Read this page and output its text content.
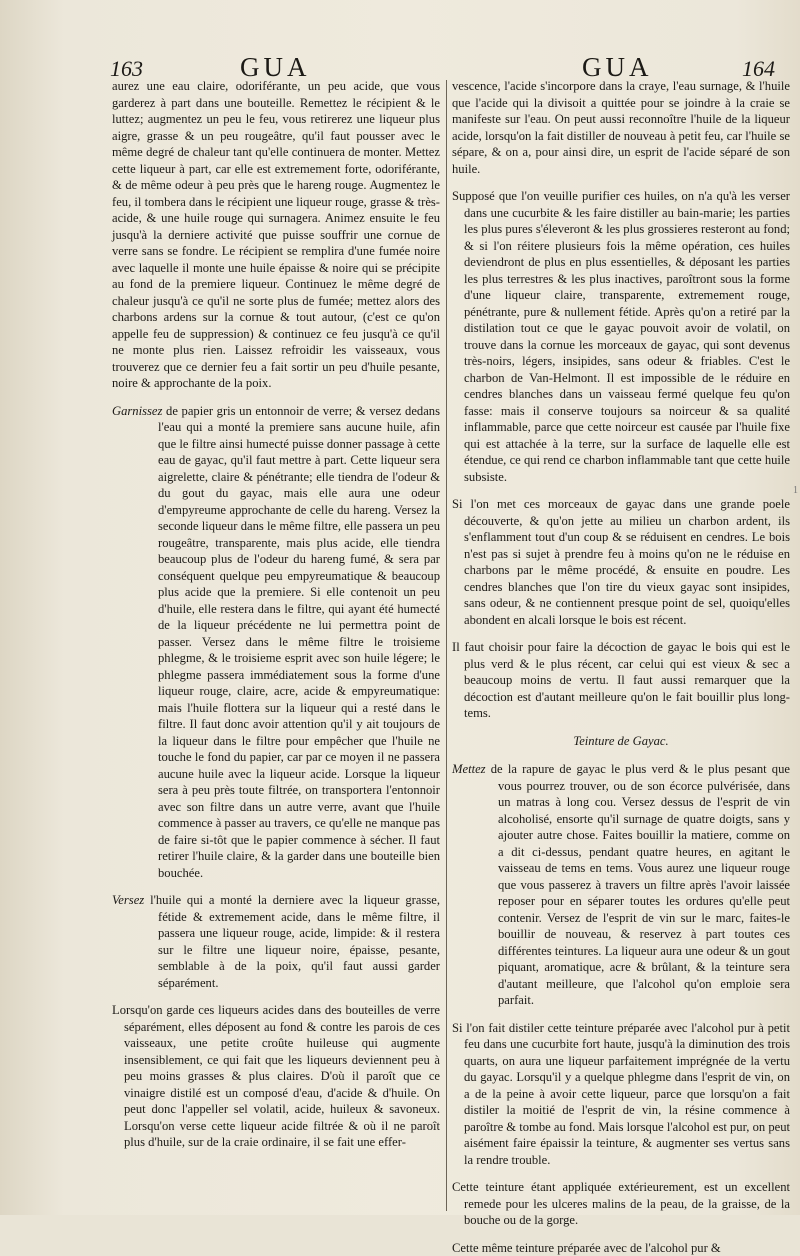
163	GUA	GUA	164
1

aurez une eau claire, odoriférante, un peu acide, que vous garderez à part dans une bouteille. Remettez le récipient & le luttez; augmentez un peu le feu, vous retirerez une liqueur plus aigre, grasse & un peu rougeâtre, qu'il faut pousser avec le même degré de chaleur tant qu'elle continuera de monter. Mettez cette liqueur à part, car elle est extremement forte, odoriférante, & de même odeur à peu près que le hareng rouge. Augmentez le feu, il tombera dans le récipient une liqueur rouge, grasse & très-acide, & une huile rouge qui surnagera. Animez ensuite le feu jusqu'à la derniere activité que puisse souffrir une cornue de verre sans se fondre. Le récipient se remplira d'une fumée noire avec laquelle il monte une huile épaisse & noire qui se précipite au fond de la premiere liqueur. Continuez le même degré de chaleur jusqu'à ce qu'il ne sorte plus de fumée; mettez alors des charbons ardens sur la cornue & tout autour, (c'est ce qu'on appelle feu de suppression) & continuez ce feu jusqu'à ce qu'il ne monte plus rien. Laissez refroidir les vaisseaux, vous trouverez que ce dernier feu a fait sortir un peu d'huile pesante, noire & approchante de la poix.

Garnissez de papier gris un entonnoir de verre; & versez dedans l'eau qui a monté la premiere sans aucune huile, afin que le filtre ainsi humecté puisse donner passage à cette eau de gayac, qu'il faut mettre à part. Cette liqueur sera aigrelette, claire & pénétrante; elle tiendra de l'odeur & du gout du gayac, mais elle aura une odeur d'empyreume approchante de celle du hareng. Versez la seconde liqueur dans le même filtre, elle passera un peu rougeâtre, transparente, mais plus acide, elle tiendra beaucoup plus de l'odeur du hareng fumé, & sera par conséquent quelque peu empyreumatique & beaucoup plus acide que la premiere. Si elle contenoit un peu d'huile, elle restera dans le filtre, qui ayant été humecté de la liqueur précédente ne lui permettra point de passer. Versez dans le même filtre le troisieme phlegme, & le troisieme esprit avec son huile légere; le phlegme passera immédiatement sous la forme d'une liqueur rouge, claire, acre, acide & empyreumatique: mais l'huile flottera sur la liqueur qui a resté dans le filtre. Il faut donc avoir attention qu'il y ait toujours de la liqueur dans le filtre pour empêcher que l'huile ne touche le fond du papier, car par ce moyen il ne passera aucune huile avec la liqueur acide. Lorsque la liqueur sera à peu près toute filtrée, on transportera l'entonnoir avec son filtre dans un autre verre, avant que l'huile commence à passer au travers, ce qu'elle ne manque pas de faire si-tôt que le papier commence à sécher. Il faut retirer l'huile claire, & la garder dans une bouteille bien bouchée.

Versez l'huile qui a monté la derniere avec la liqueur grasse, fétide & extremement acide, dans le même filtre, il passera une liqueur rouge, acide, limpide: & il restera sur le filtre une liqueur noire, épaisse, pesante, semblable à de la poix, qu'il faut aussi garder séparément.

Lorsqu'on garde ces liqueurs acides dans des bouteilles de verre séparément, elles déposent au fond & contre les parois de ces vaisseaux, une petite croûte huileuse qui augmente insensiblement, ce qui fait que les liqueurs deviennent peu à peu moins grasses & plus claires. D'où il paroît que ce vinaigre distilé est un composé d'eau, d'acide & d'huile. On peut donc l'appeller sel volatil, acide, huileux & savoneux. Lorsqu'on verse cette liqueur acide filtrée & où il ne paroît plus d'huile, sur de la craie ordinaire, il se fait une effer-

vescence, l'acide s'incorpore dans la craye, l'eau surnage, & l'huile que l'acide qui la divisoit a quittée pour se joindre à la craie se manifeste sur l'eau. On peut aussi reconnoître l'huile de la liqueur acide, lorsqu'on la fait distiller de nouveau à petit feu, car l'huile se sépare, & on a, pour ainsi dire, un esprit de l'acide séparé de son huile.

Supposé que l'on veuille purifier ces huiles, on n'a qu'à les verser dans une cucurbite & les faire distiller au bain-marie; les parties les plus pures s'éleveront & les plus grossieres resteront au fond; & si l'on réitere plusieurs fois la même opération, ces huiles deviendront de plus en plus essentielles, & déposant les parties les plus terrestres & les plus inactives, paroîtront sous la forme d'une liqueur claire, transparente, extremement rouge, pénétrante, pure & nullement fétide. Après qu'on a retiré par la distilation tout ce que le gayac pouvoit avoir de volatil, on trouve dans la cornue les morceaux de gayac, qui sont devenus très-noirs, légers, insipides, sans odeur & friables. C'est le charbon de Van-Helmont. Il est impossible de le réduire en cendres blanches dans un vaisseau fermé quelque feu qu'on fasse: mais il conserve toujours sa noirceur & sa qualité inflammable, parce que cette noirceur est causée par l'huile fixe qui est attachée à la terre, sur la surface de laquelle elle est étendue, ce qui rend ce charbon inflammable tant que cette huile subsiste.

Si l'on met ces morceaux de gayac dans une grande poele découverte, & qu'on jette au milieu un charbon ardent, ils s'enflamment tout d'un coup & se réduisent en cendres. Le bois n'est pas si sujet à prendre feu à moins qu'on ne le réduise en charbons par le même procédé, & ensuite en poudre. Les cendres blanches que l'on tire du vieux gayac sont insipides, sans odeur, & ne contiennent presque point de sel, quoiqu'elles abondent en alcali lorsque le bois est récent.

Il faut choisir pour faire la décoction de gayac le bois qui est le plus verd & le plus récent, car celui qui est vieux & sec a beaucoup moins de vertu. Il faut aussi remarquer que la décoction est d'autant meilleure qu'on le fait bouillir plus long-tems.

Teinture de Gayac.

Mettez de la rapure de gayac le plus verd & le plus pesant que vous pourrez trouver, ou de son écorce pulvérisée, dans un matras à long cou. Versez dessus de l'esprit de vin alcoholisé, ensorte qu'il surnage de quatre doigts, sans y ajouter autre chose. Faites bouillir la matiere, comme on a dit ci-dessus, pendant quatre heures, en agitant le vaisseau de tems en tems. Vous aurez une liqueur rouge que vous passerez à travers un filtre après l'avoir laissée reposer pour en séparer toutes les ordures qu'elle peut contenir. Versez de l'esprit de vin sur le marc, faites-le bouillir de nouveau, & reservez à part toutes ces différentes teintures. La liqueur aura une odeur & un gout piquant, aromatique, acre & brûlant, & la teinture sera d'autant meilleure, que l'alcohol qu'on emploie sera parfait.

Si l'on fait distiler cette teinture préparée avec l'alcohol pur à petit feu dans une cucurbite fort haute, jusqu'à la diminution des trois quarts, on aura une liqueur parfaitement imprégnée de la vertu du gayac. Lorsqu'il y a quelque phlegme dans l'esprit de vin, on a de la peine à avoir cette liqueur, parce que lorsqu'on a fait distiler la moitié de l'esprit de vin, la résine commence à paroître & tombe au fond. Mais lorsque l'alcohol est pur, on peut aisément faire épaissir la teinture, & augmenter ses vertus sans la rendre trouble.

Cette teinture étant appliquée extérieurement, est un excellent remede pour les ulceres malins de la peau, de la graisse, de la bouche ou de la gorge.

Cette même teinture préparée avec de l'alcohol pur &
